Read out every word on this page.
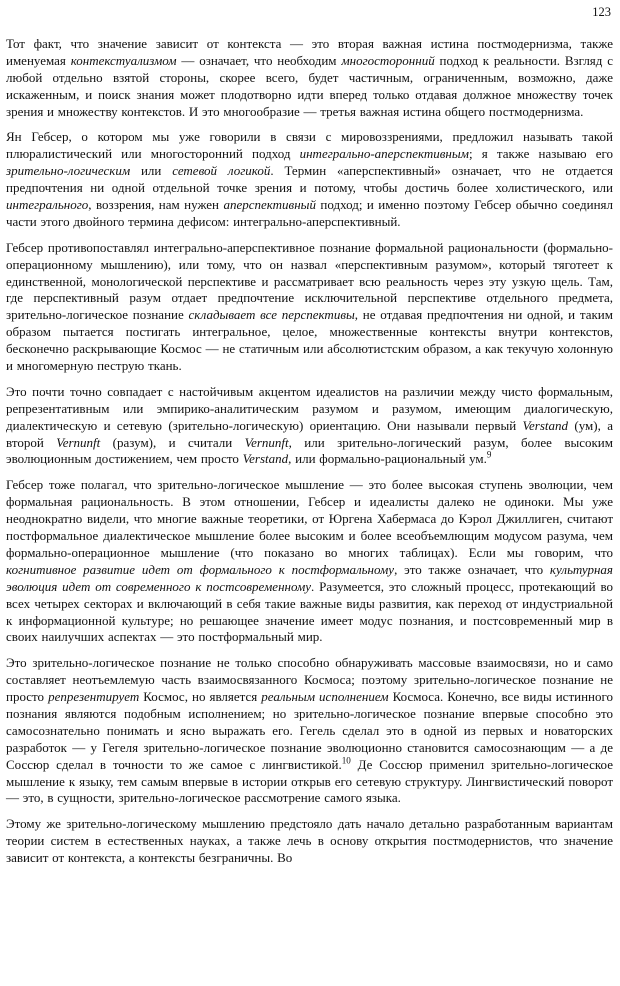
123

Тот факт, что значение зависит от контекста — это вторая важная истина постмодернизма, также именуемая контекстуализмом — означает, что необходим многосторонний подход к реальности. Взгляд с любой отдельно взятой стороны, скорее всего, будет частичным, ограниченным, возможно, даже искаженным, и поиск знания может плодотворно идти вперед только отдавая должное множеству точек зрения и множеству контекстов. И это многообразие — третья важная истина общего постмодернизма.

Ян Гебсер, о котором мы уже говорили в связи с мировоззрениями, предложил называть такой плюралистический или многосторонний подход интегрально-аперспективным; я также называю его зрительно-логическим или сетевой логикой. Термин «аперспективный» означает, что не отдается предпочтения ни одной отдельной точке зрения и потому, чтобы достичь более холистического, или интегрального, воззрения, нам нужен аперспективный подход; и именно поэтому Гебсер обычно соединял части этого двойного термина дефисом: интегрально-аперспективный.

Гебсер противопоставлял интегрально-аперспективное познание формальной рациональности (формально-операционному мышлению), или тому, что он назвал «перспективным разумом», который тяготеет к единственной, монологической перспективе и рассматривает всю реальность через эту узкую щель. Там, где перспективный разум отдает предпочтение исключительной перспективе отдельного предмета, зрительно-логическое познание складывает все перспективы, не отдавая предпочтения ни одной, и таким образом пытается постигать интегральное, целое, множественные контексты внутри контекстов, бесконечно раскрывающие Космос — не статичным или абсолютистским образом, а как текучую холонную и многомерную пеструю ткань.

Это почти точно совпадает с настойчивым акцентом идеалистов на различии между чисто формальным, репрезентативным или эмпирико-аналитическим разумом и разумом, имеющим диалогическую, диалектическую и сетевую (зрительно-логическую) ориентацию. Они называли первый Verstand (ум), а второй Vernunft (разум), и считали Vernunft, или зрительно-логический разум, более высоким эволюционным достижением, чем просто Verstand, или формально-рациональный ум.$^9$

Гебсер тоже полагал, что зрительно-логическое мышление — это более высокая ступень эволюции, чем формальная рациональность. В этом отношении, Гебсер и идеалисты далеко не одиноки. Мы уже неоднократно видели, что многие важные теоретики, от Юргена Хабермаса до Кэрол Джиллиген, считают постформальное диалектическое мышление более высоким и более всеобъемлющим модусом разума, чем формально-операционное мышление (что показано во многих таблицах). Если мы говорим, что когнитивное развитие идет от формального к постформальному, это также означает, что культурная эволюция идет от современного к постсовременному. Разумеется, это сложный процесс, протекающий во всех четырех секторах и включающий в себя такие важные виды развития, как переход от индустриальной к информационной культуре; но решающее значение имеет модус познания, и постсовременный мир в своих наилучших аспектах — это постформальный мир.

Это зрительно-логическое познание не только способно обнаруживать массовые взаимосвязи, но и само составляет неотъемлемую часть взаимосвязанного Космоса; поэтому зрительно-логическое познание не просто репрезентирует Космос, но является реальным исполнением Космоса. Конечно, все виды истинного познания являются подобным исполнением; но зрительно-логическое познание впервые способно это самосознательно понимать и ясно выражать его. Гегель сделал это в одной из первых и новаторских разработок — у Гегеля зрительно-логическое познание эволюционно становится самосознающим — а де Соссюр сделал в точности то же самое с лингвистикой.$^{10}$ Де Соссюр применил зрительно-логическое мышление к языку, тем самым впервые в истории открыв его сетевую структуру. Лингвистический поворот — это, в сущности, зрительно-логическое рассмотрение самого языка.

Этому же зрительно-логическому мышлению предстояло дать начало детально разработанным вариантам теории систем в естественных науках, а также лечь в основу открытия постмодернистов, что значение зависит от контекста, а контексты безграничны. Во
